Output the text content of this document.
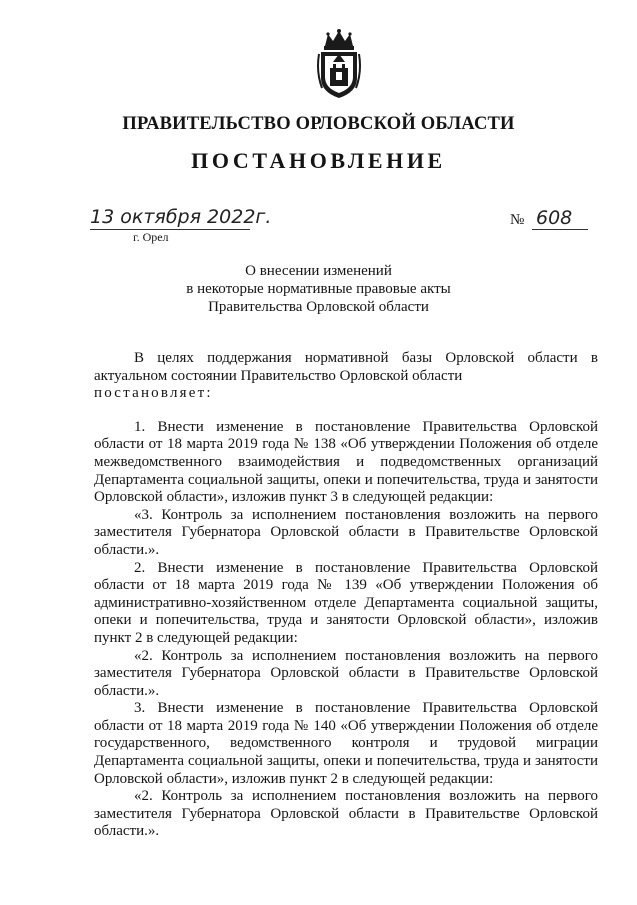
ПРАВИТЕЛЬСТВО ОРЛОВСКОЙ ОБЛАСТИ
ПОСТАНОВЛЕНИЕ
13 октября 2022г.
г. Орел
№ 608
О внесении изменений
в некоторые нормативные правовые акты
Правительства Орловской области

В целях поддержания нормативной базы Орловской области в актуальном состоянии Правительство Орловской области

постановляет:

1. Внести изменение в постановление Правительства Орловской области от 18 марта 2019 года № 138 «Об утверждении Положения об отделе межведомственного взаимодействия и подведомственных организаций Департамента социальной защиты, опеки и попечительства, труда и занятости Орловской области», изложив пункт 3 в следующей редакции:

«3. Контроль за исполнением постановления возложить на первого заместителя Губернатора Орловской области в Правительстве Орловской области.».

2. Внести изменение в постановление Правительства Орловской области от 18 марта 2019 года № 139 «Об утверждении Положения об административно-хозяйственном отделе Департамента социальной защиты, опеки и попечительства, труда и занятости Орловской области», изложив пункт 2 в следующей редакции:

«2. Контроль за исполнением постановления возложить на первого заместителя Губернатора Орловской области в Правительстве Орловской области.».

3. Внести изменение в постановление Правительства Орловской области от 18 марта 2019 года № 140 «Об утверждении Положения об отделе государственного, ведомственного контроля и трудовой миграции Департамента социальной защиты, опеки и попечительства, труда и занятости Орловской области», изложив пункт 2 в следующей редакции:

«2. Контроль за исполнением постановления возложить на первого заместителя Губернатора Орловской области в Правительстве Орловской области.».
